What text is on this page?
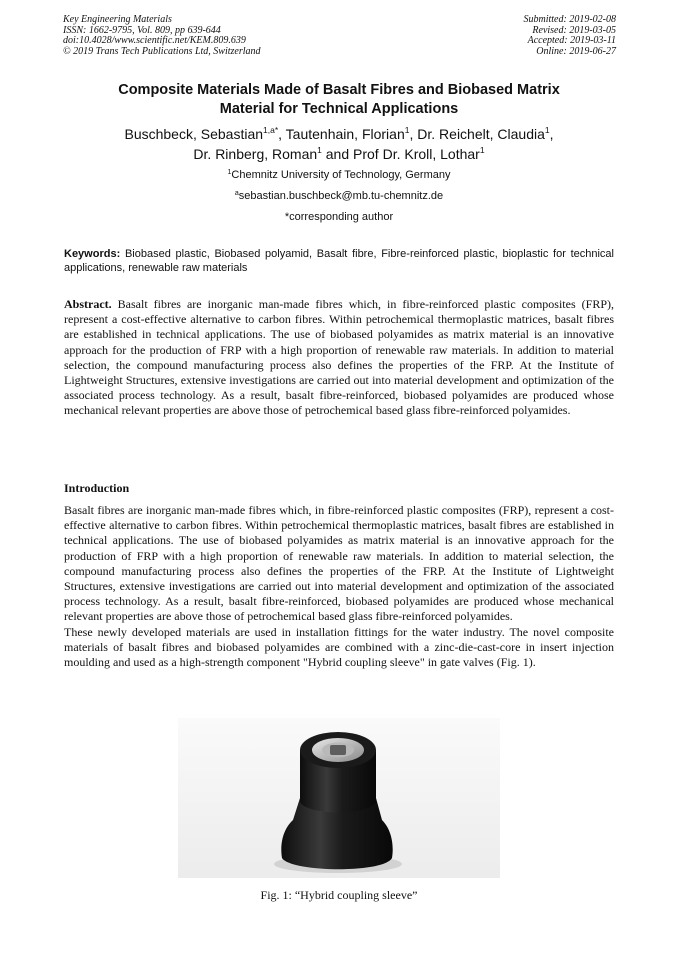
Key Engineering Materials
ISSN: 1662-9795, Vol. 809, pp 639-644
doi:10.4028/www.scientific.net/KEM.809.639
© 2019 Trans Tech Publications Ltd, Switzerland
Submitted: 2019-02-08
Revised: 2019-03-05
Accepted: 2019-03-11
Online: 2019-06-27
Composite Materials Made of Basalt Fibres and Biobased Matrix
Material for Technical Applications
Buschbeck, Sebastian$^{1,a*}$, Tautenhain, Florian$^1$, Dr. Reichelt, Claudia$^1$,
Dr. Rinberg, Roman$^1$ and Prof Dr. Kroll, Lothar$^1$
$^1$Chemnitz University of Technology, Germany
$^a$sebastian.buschbeck@mb.tu-chemnitz.de
*corresponding author
Keywords: Biobased plastic, Biobased polyamid, Basalt fibre, Fibre-reinforced plastic, bioplastic for technical applications, renewable raw materials
Abstract. Basalt fibres are inorganic man-made fibres which, in fibre-reinforced plastic composites (FRP), represent a cost-effective alternative to carbon fibres. Within petrochemical thermoplastic matrices, basalt fibres are established in technical applications. The use of biobased polyamides as matrix material is an innovative approach for the production of FRP with a high proportion of renewable raw materials. In addition to material selection, the compound manufacturing process also defines the properties of the FRP. At the Institute of Lightweight Structures, extensive investigations are carried out into material development and optimization of the associated process technology. As a result, basalt fibre-reinforced, biobased polyamides are produced whose mechanical relevant properties are above those of petrochemical based glass fibre-reinforced polyamides.
Introduction

Basalt fibres are inorganic man-made fibres which, in fibre-reinforced plastic composites (FRP), represent a cost-effective alternative to carbon fibres. Within petrochemical thermoplastic matrices, basalt fibres are established in technical applications. The use of biobased polyamides as matrix material is an innovative approach for the production of FRP with a high proportion of renewable raw materials. In addition to material selection, the compound manufacturing process also defines the properties of the FRP. At the Institute of Lightweight Structures, extensive investigations are carried out into material development and optimization of the associated process technology. As a result, basalt fibre-reinforced, biobased polyamides are produced whose mechanical relevant properties are above those of petrochemical based glass fibre-reinforced polyamides.

These newly developed materials are used in installation fittings for the water industry. The novel composite materials of basalt fibres and biobased polyamides are combined with a zinc-die-cast-core in insert injection moulding and used as a high-strength component "Hybrid coupling sleeve" in gate valves (Fig. 1).

Fig. 1: “Hybrid coupling sleeve”
